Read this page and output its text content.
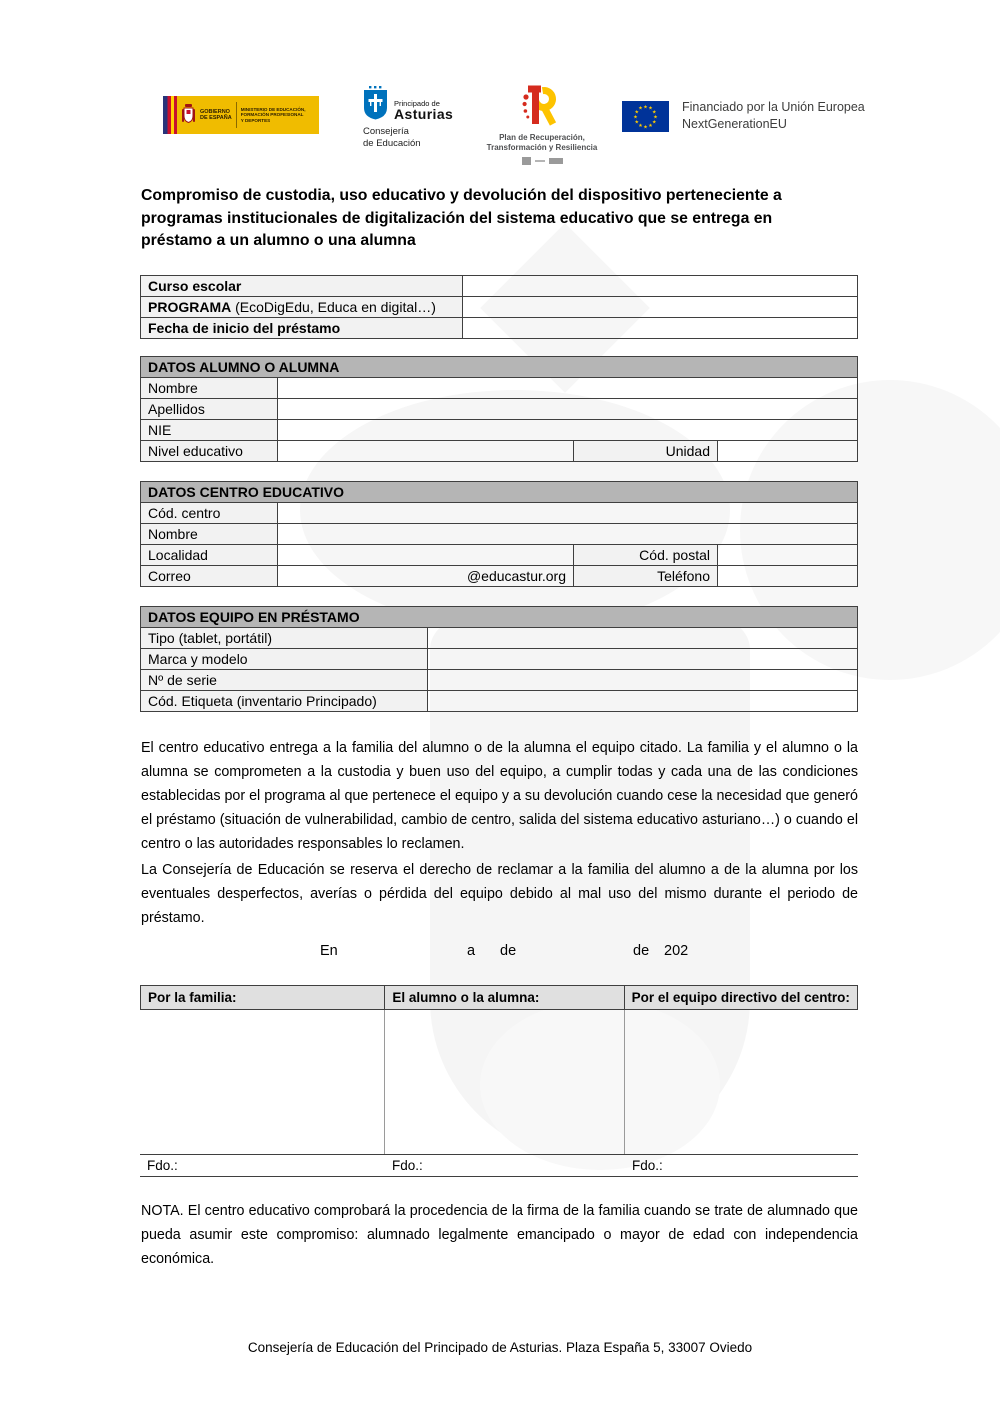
GOBIERNO
DE ESPAÑA
MINISTERIO DE EDUCACIÓN, FORMACIÓN PROFESIONAL Y DEPORTES
Principado de
Asturias
Consejería
de Educación
Plan de Recuperación,
Transformación y Resiliencia
★ ★
★
★
★
★
★
★
★
★
★
★	Financiado por la Unión Europea
NextGenerationEU
Compromiso de custodia, uso educativo y devolución del dispositivo perteneciente a programas institucionales de digitalización del sistema educativo que se entrega en préstamo a un alumno o una alumna
Curso escolar	
PROGRAMA (EcoDigEdu, Educa en digital…)	
Fecha de inicio del préstamo	
DATOS ALUMNO O ALUMNA			
Nombre			
Apellidos			
NIE			
Nivel educativo		Unidad	
DATOS CENTRO EDUCATIVO			
Cód. centro			
Nombre			
Localidad		Cód. postal	
Correo	@educastur.org	Teléfono	
DATOS EQUIPO EN PRÉSTAMO	
Tipo (tablet, portátil)	
Marca y modelo	
Nº de serie	
Cód. Etiqueta (inventario Principado)	
El centro educativo entrega a la familia del alumno o de la alumna el equipo citado. La familia y el alumno o la alumna se comprometen a la custodia y buen uso del equipo, a cumplir todas y cada una de las condiciones establecidas por el programa al que pertenece el equipo y a su devolución cuando cese la necesidad que generó el préstamo (situación de vulnerabilidad, cambio de centro, salida del sistema educativo asturiano…) o cuando el centro o las autoridades responsables lo reclamen.
La Consejería de Educación se reserva el derecho de reclamar a la familia del alumno a de la alumna por los eventuales desperfectos, averías o pérdida del equipo debido al mal uso del mismo durante el periodo de préstamo.
En	a de	de 202
Por la familia:	El alumno o la alumna:	Por el equipo directivo del centro:
Fdo.:	Fdo.:	Fdo.:
NOTA. El centro educativo comprobará la procedencia de la firma de la familia cuando se trate de alumnado que pueda asumir este compromiso: alumnado legalmente emancipado o mayor de edad con independencia económica.
Consejería de Educación del Principado de Asturias. Plaza España 5, 33007 Oviedo
